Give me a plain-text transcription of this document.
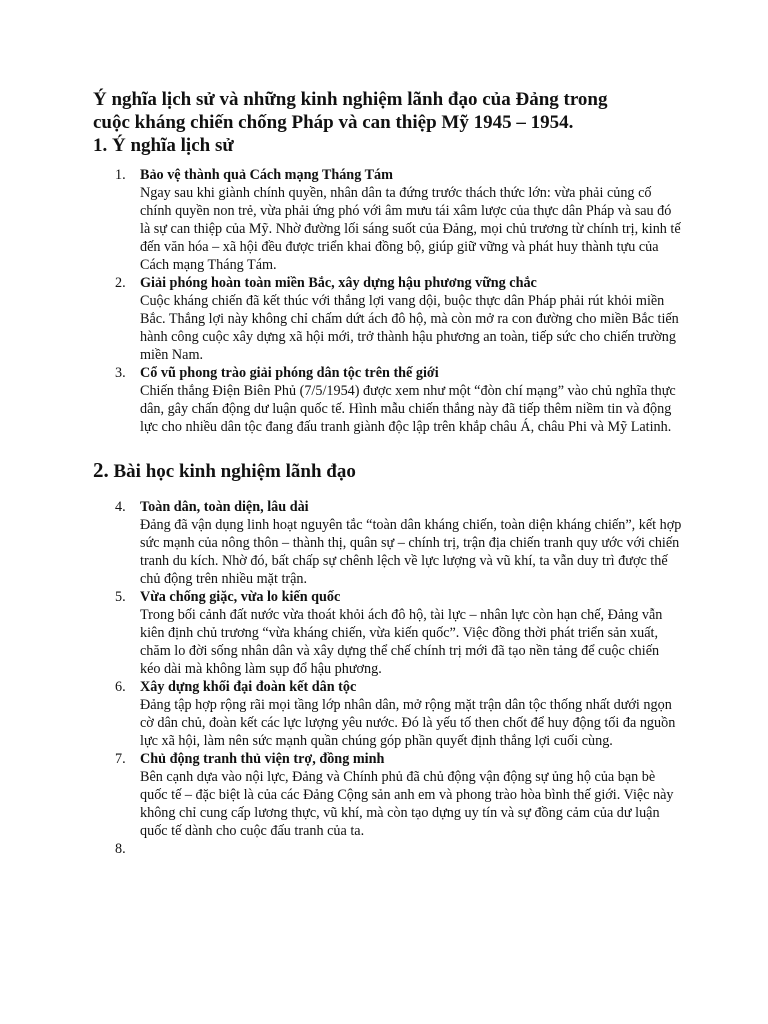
Ý nghĩa lịch sử và những kinh nghiệm lãnh đạo của Đảng trong
cuộc kháng chiến chống Pháp và can thiệp Mỹ 1945 – 1954.

1. Ý nghĩa lịch sử

1. Bảo vệ thành quả Cách mạng Tháng Tám
Ngay sau khi giành chính quyền, nhân dân ta đứng trước thách thức lớn: vừa phải củng cố chính quyền non trẻ, vừa phải ứng phó với âm mưu tái xâm lược của thực dân Pháp và sau đó là sự can thiệp của Mỹ. Nhờ đường lối sáng suốt của Đảng, mọi chủ trương từ chính trị, kinh tế đến văn hóa – xã hội đều được triển khai đồng bộ, giúp giữ vững và phát huy thành tựu của Cách mạng Tháng Tám.
2. Giải phóng hoàn toàn miền Bắc, xây dựng hậu phương vững chắc
Cuộc kháng chiến đã kết thúc với thắng lợi vang dội, buộc thực dân Pháp phải rút khỏi miền Bắc. Thắng lợi này không chỉ chấm dứt ách đô hộ, mà còn mở ra con đường cho miền Bắc tiến hành công cuộc xây dựng xã hội mới, trở thành hậu phương an toàn, tiếp sức cho chiến trường miền Nam.
3. Cổ vũ phong trào giải phóng dân tộc trên thế giới
Chiến thắng Điện Biên Phủ (7/5/1954) được xem như một “đòn chí mạng” vào chủ nghĩa thực dân, gây chấn động dư luận quốc tế. Hình mẫu chiến thắng này đã tiếp thêm niềm tin và động lực cho nhiều dân tộc đang đấu tranh giành độc lập trên khắp châu Á, châu Phi và Mỹ Latinh.

2. Bài học kinh nghiệm lãnh đạo

4. Toàn dân, toàn diện, lâu dài
Đảng đã vận dụng linh hoạt nguyên tắc “toàn dân kháng chiến, toàn diện kháng chiến”, kết hợp sức mạnh của nông thôn – thành thị, quân sự – chính trị, trận địa chiến tranh quy ước với chiến tranh du kích. Nhờ đó, bất chấp sự chênh lệch về lực lượng và vũ khí, ta vẫn duy trì được thế chủ động trên nhiều mặt trận.
5. Vừa chống giặc, vừa lo kiến quốc
Trong bối cảnh đất nước vừa thoát khỏi ách đô hộ, tài lực – nhân lực còn hạn chế, Đảng vẫn kiên định chủ trương “vừa kháng chiến, vừa kiến quốc”. Việc đồng thời phát triển sản xuất, chăm lo đời sống nhân dân và xây dựng thể chế chính trị mới đã tạo nền tảng để cuộc chiến kéo dài mà không làm sụp đổ hậu phương.
6. Xây dựng khối đại đoàn kết dân tộc
Đảng tập hợp rộng rãi mọi tầng lớp nhân dân, mở rộng mặt trận dân tộc thống nhất dưới ngọn cờ dân chủ, đoàn kết các lực lượng yêu nước. Đó là yếu tố then chốt để huy động tối đa nguồn lực xã hội, làm nên sức mạnh quần chúng góp phần quyết định thắng lợi cuối cùng.
7. Chủ động tranh thủ viện trợ, đồng minh
Bên cạnh dựa vào nội lực, Đảng và Chính phủ đã chủ động vận động sự ủng hộ của bạn bè quốc tế – đặc biệt là của các Đảng Cộng sản anh em và phong trào hòa bình thế giới. Việc này không chỉ cung cấp lương thực, vũ khí, mà còn tạo dựng uy tín và sự đồng cảm của dư luận quốc tế dành cho cuộc đấu tranh của ta.
8.
